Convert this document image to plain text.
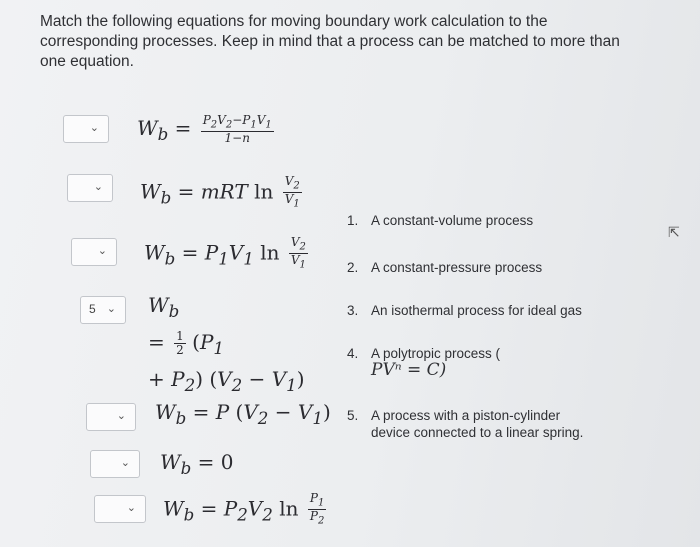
Match the following equations for moving boundary work calculation to the corresponding processes. Keep in mind that a process can be matched to more than one equation.
⌄ $W_b = \frac{P_2V_2-P_1V_1}{1-n}$
⌄ $W_b$ = mRT $\ln \frac{V_2}{V_1}$
⌄ $W_b = P_1V_1$ $\ln \frac{V_2}{V_1}$
5 ⌄ $W_b$
= $\frac{1}{2} (P_1$
+ $P_2$) $(V_2 - V_1)$
⌄ $W_b = P$ $(V_2 - V_1)$
⌄ $W_b = 0$
⌄ $W_b = P_2V_2$ $\ln \frac{P_1}{P_2}$
1. A constant-volume process
2. A constant-pressure process
3. An isothermal process for ideal gas
4. A polytropic process (
PVⁿ = C)
5. A process with a piston-cylinder
device connected to a linear spring.
⇱
